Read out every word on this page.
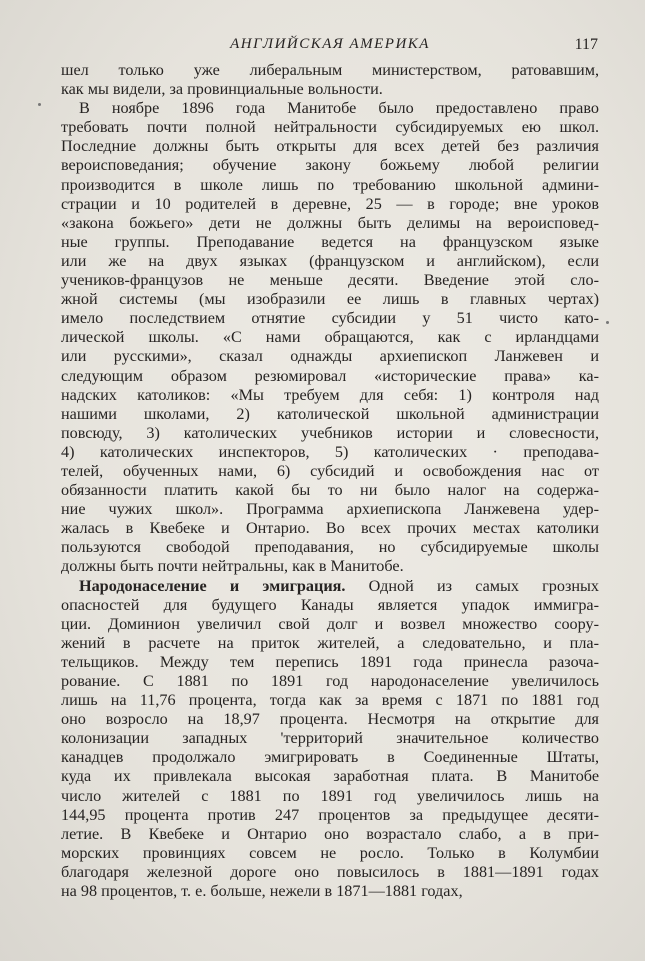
АНГЛИЙСКАЯ АМЕРИКА	117
шел только уже либеральным министерством, ратовавшим,
как мы видели, за провинциальные вольности.
В ноябре 1896 года Манитобе было предоставлено право
требовать почти полной нейтральности субсидируемых ею школ.
Последние должны быть открыты для всех детей без различия
вероисповедания; обучение закону божьему любой религии
производится в школе лишь по требованию школьной админи-
страции и 10 родителей в деревне, 25 — в городе; вне уроков
«закона божьего» дети не должны быть делимы на вероисповед-
ные группы. Преподавание ведется на французском языке
или же на двух языках (французском и английском), если
учеников-французов не меньше десяти. Введение этой сло-
жной системы (мы изобразили ее лишь в главных чертах)
имело последствием отнятие субсидии у 51 чисто като-
лической школы. «С нами обращаются, как с ирландцами
или русскими», сказал однажды архиепископ Ланжевен и
следующим образом резюмировал «исторические права» ка-
надских католиков: «Мы требуем для себя: 1) контроля над
нашими школами, 2) католической школьной администрации
повсюду, 3) католических учебников истории и словесности,
4) католических инспекторов, 5) католических · преподава-
телей, обученных нами, 6) субсидий и освобождения нас от
обязанности платить какой бы то ни было налог на содержа-
ние чужих школ». Программа архиепископа Ланжевена удер-
жалась в Квебеке и Онтарио. Во всех прочих местах католики
пользуются свободой преподавания, но субсидируемые школы
должны быть почти нейтральны, как в Манитобе.
Народонаселение и эмиграция. Одной из самых грозных
опасностей для будущего Канады является упадок иммигра-
ции. Доминион увеличил свой долг и возвел множество соору-
жений в расчете на приток жителей, а следовательно, и пла-
тельщиков. Между тем перепись 1891 года принесла разоча-
рование. С 1881 по 1891 год народонаселение увеличилось
лишь на 11,76 процента, тогда как за время с 1871 по 1881 год
оно возросло на 18,97 процента. Несмотря на открытие для
колонизации западных 'территорий значительное количество
канадцев продолжало эмигрировать в Соединенные Штаты,
куда их привлекала высокая заработная плата. В Манитобе
число жителей с 1881 по 1891 год увеличилось лишь на
144,95 процента против 247 процентов за предыдущее десяти-
летие. В Квебеке и Онтарио оно возрастало слабо, а в при-
морских провинциях совсем не росло. Только в Колумбии
благодаря железной дороге оно повысилось в 1881—1891 годах
на 98 процентов, т. е. больше, нежели в 1871—1881 годах,
